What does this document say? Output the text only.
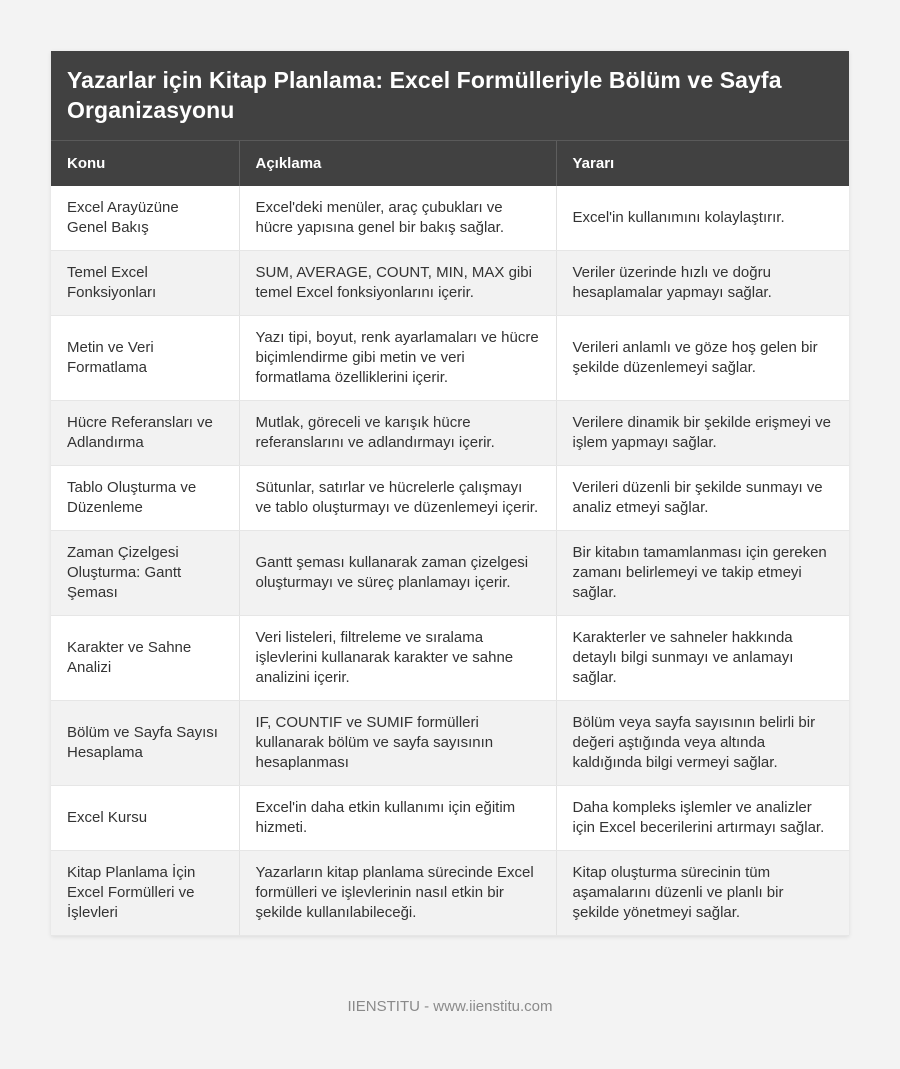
Yazarlar için Kitap Planlama: Excel Formülleriyle Bölüm ve Sayfa Organizasyonu
Konu	Açıklama	Yararı
Excel Arayüzüne Genel Bakış	Excel'deki menüler, araç çubukları ve hücre yapısına genel bir bakış sağlar.	Excel'in kullanımını kolaylaştırır.
Temel Excel Fonksiyonları	SUM, AVERAGE, COUNT, MIN, MAX gibi temel Excel fonksiyonlarını içerir.	Veriler üzerinde hızlı ve doğru hesaplamalar yapmayı sağlar.
Metin ve Veri Formatlama	Yazı tipi, boyut, renk ayarlamaları ve hücre biçimlendirme gibi metin ve veri formatlama özelliklerini içerir.	Verileri anlamlı ve göze hoş gelen bir şekilde düzenlemeyi sağlar.
Hücre Referansları ve Adlandırma	Mutlak, göreceli ve karışık hücre referanslarını ve adlandırmayı içerir.	Verilere dinamik bir şekilde erişmeyi ve işlem yapmayı sağlar.
Tablo Oluşturma ve Düzenleme	Sütunlar, satırlar ve hücrelerle çalışmayı ve tablo oluşturmayı ve düzenlemeyi içerir.	Verileri düzenli bir şekilde sunmayı ve analiz etmeyi sağlar.
Zaman Çizelgesi Oluşturma: Gantt Şeması	Gantt şeması kullanarak zaman çizelgesi oluşturmayı ve süreç planlamayı içerir.	Bir kitabın tamamlanması için gereken zamanı belirlemeyi ve takip etmeyi sağlar.
Karakter ve Sahne Analizi	Veri listeleri, filtreleme ve sıralama işlevlerini kullanarak karakter ve sahne analizini içerir.	Karakterler ve sahneler hakkında detaylı bilgi sunmayı ve anlamayı sağlar.
Bölüm ve Sayfa Sayısı Hesaplama	IF, COUNTIF ve SUMIF formülleri kullanarak bölüm ve sayfa sayısının hesaplanması	Bölüm veya sayfa sayısının belirli bir değeri aştığında veya altında kaldığında bilgi vermeyi sağlar.
Excel Kursu	Excel'in daha etkin kullanımı için eğitim hizmeti.	Daha kompleks işlemler ve analizler için Excel becerilerini artırmayı sağlar.
Kitap Planlama İçin Excel Formülleri ve İşlevleri	Yazarların kitap planlama sürecinde Excel formülleri ve işlevlerinin nasıl etkin bir şekilde kullanılabileceği.	Kitap oluşturma sürecinin tüm aşamalarını düzenli ve planlı bir şekilde yönetmeyi sağlar.
IIENSTITU - www.iienstitu.com
